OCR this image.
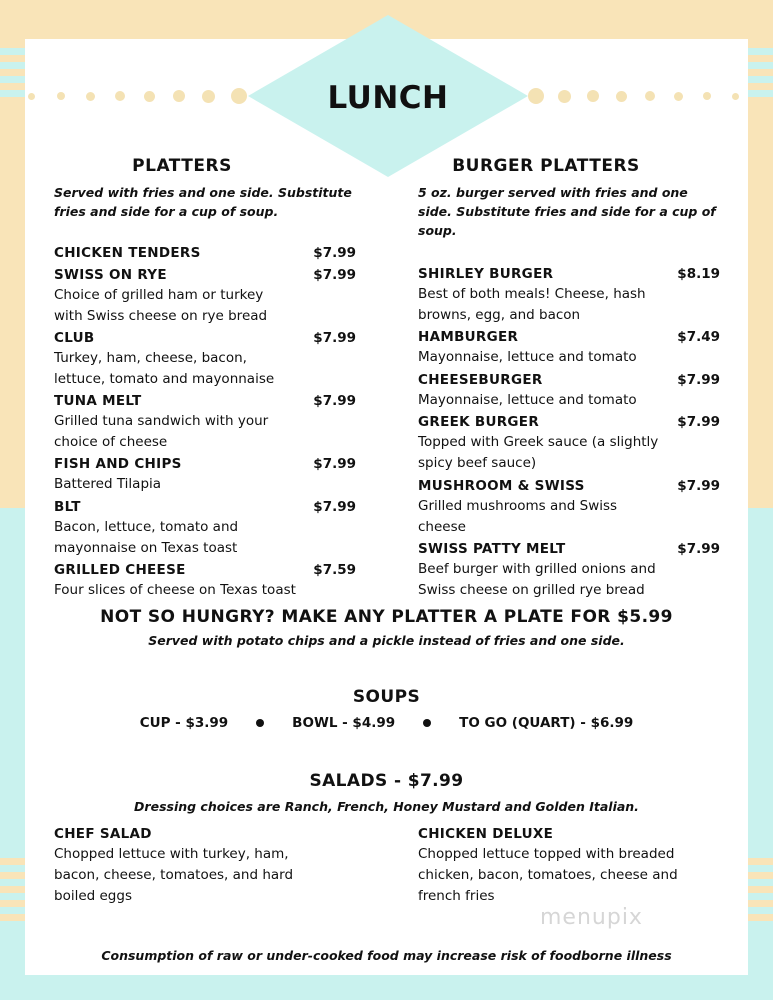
LUNCH
PLATTERS
Served with fries and one side. Substitute fries and side for a cup of soup.
CHICKEN TENDERS	$7.99
SWISS ON RYE	$7.99
Choice of grilled ham or turkey with Swiss cheese on rye bread
CLUB	$7.99
Turkey, ham, cheese, bacon, lettuce, tomato and mayonnaise
TUNA MELT	$7.99
Grilled tuna sandwich with your choice of cheese
FISH AND CHIPS	$7.99
Battered Tilapia
BLT	$7.99
Bacon, lettuce, tomato and mayonnaise on Texas toast
GRILLED CHEESE	$7.59
Four slices of cheese on Texas toast
BURGER PLATTERS
5 oz. burger served with fries and one side. Substitute fries and side for a cup of soup.
SHIRLEY BURGER	$8.19
Best of both meals! Cheese, hash browns, egg, and bacon
HAMBURGER	$7.49
Mayonnaise, lettuce and tomato
CHEESEBURGER	$7.99
Mayonnaise, lettuce and tomato
GREEK BURGER	$7.99
Topped with Greek sauce (a slightly spicy beef sauce)
MUSHROOM & SWISS	$7.99
Grilled mushrooms and Swiss cheese
SWISS PATTY MELT	$7.99
Beef burger with grilled onions and Swiss cheese on grilled rye bread
NOT SO HUNGRY? MAKE ANY PLATTER A PLATE FOR $5.99
Served with potato chips and a pickle instead of fries and one side.
SOUPS
CUP - $3.99	BOWL - $4.99	TO GO (QUART) - $6.99
SALADS - $7.99
Dressing choices are Ranch, French, Honey Mustard and Golden Italian.
CHEF SALAD
Chopped lettuce with turkey, ham, bacon, cheese, tomatoes, and hard boiled eggs
CHICKEN DELUXE
Chopped lettuce topped with breaded chicken, bacon, tomatoes, cheese and french fries
menupix
Consumption of raw or under-cooked food may increase risk of foodborne illness
